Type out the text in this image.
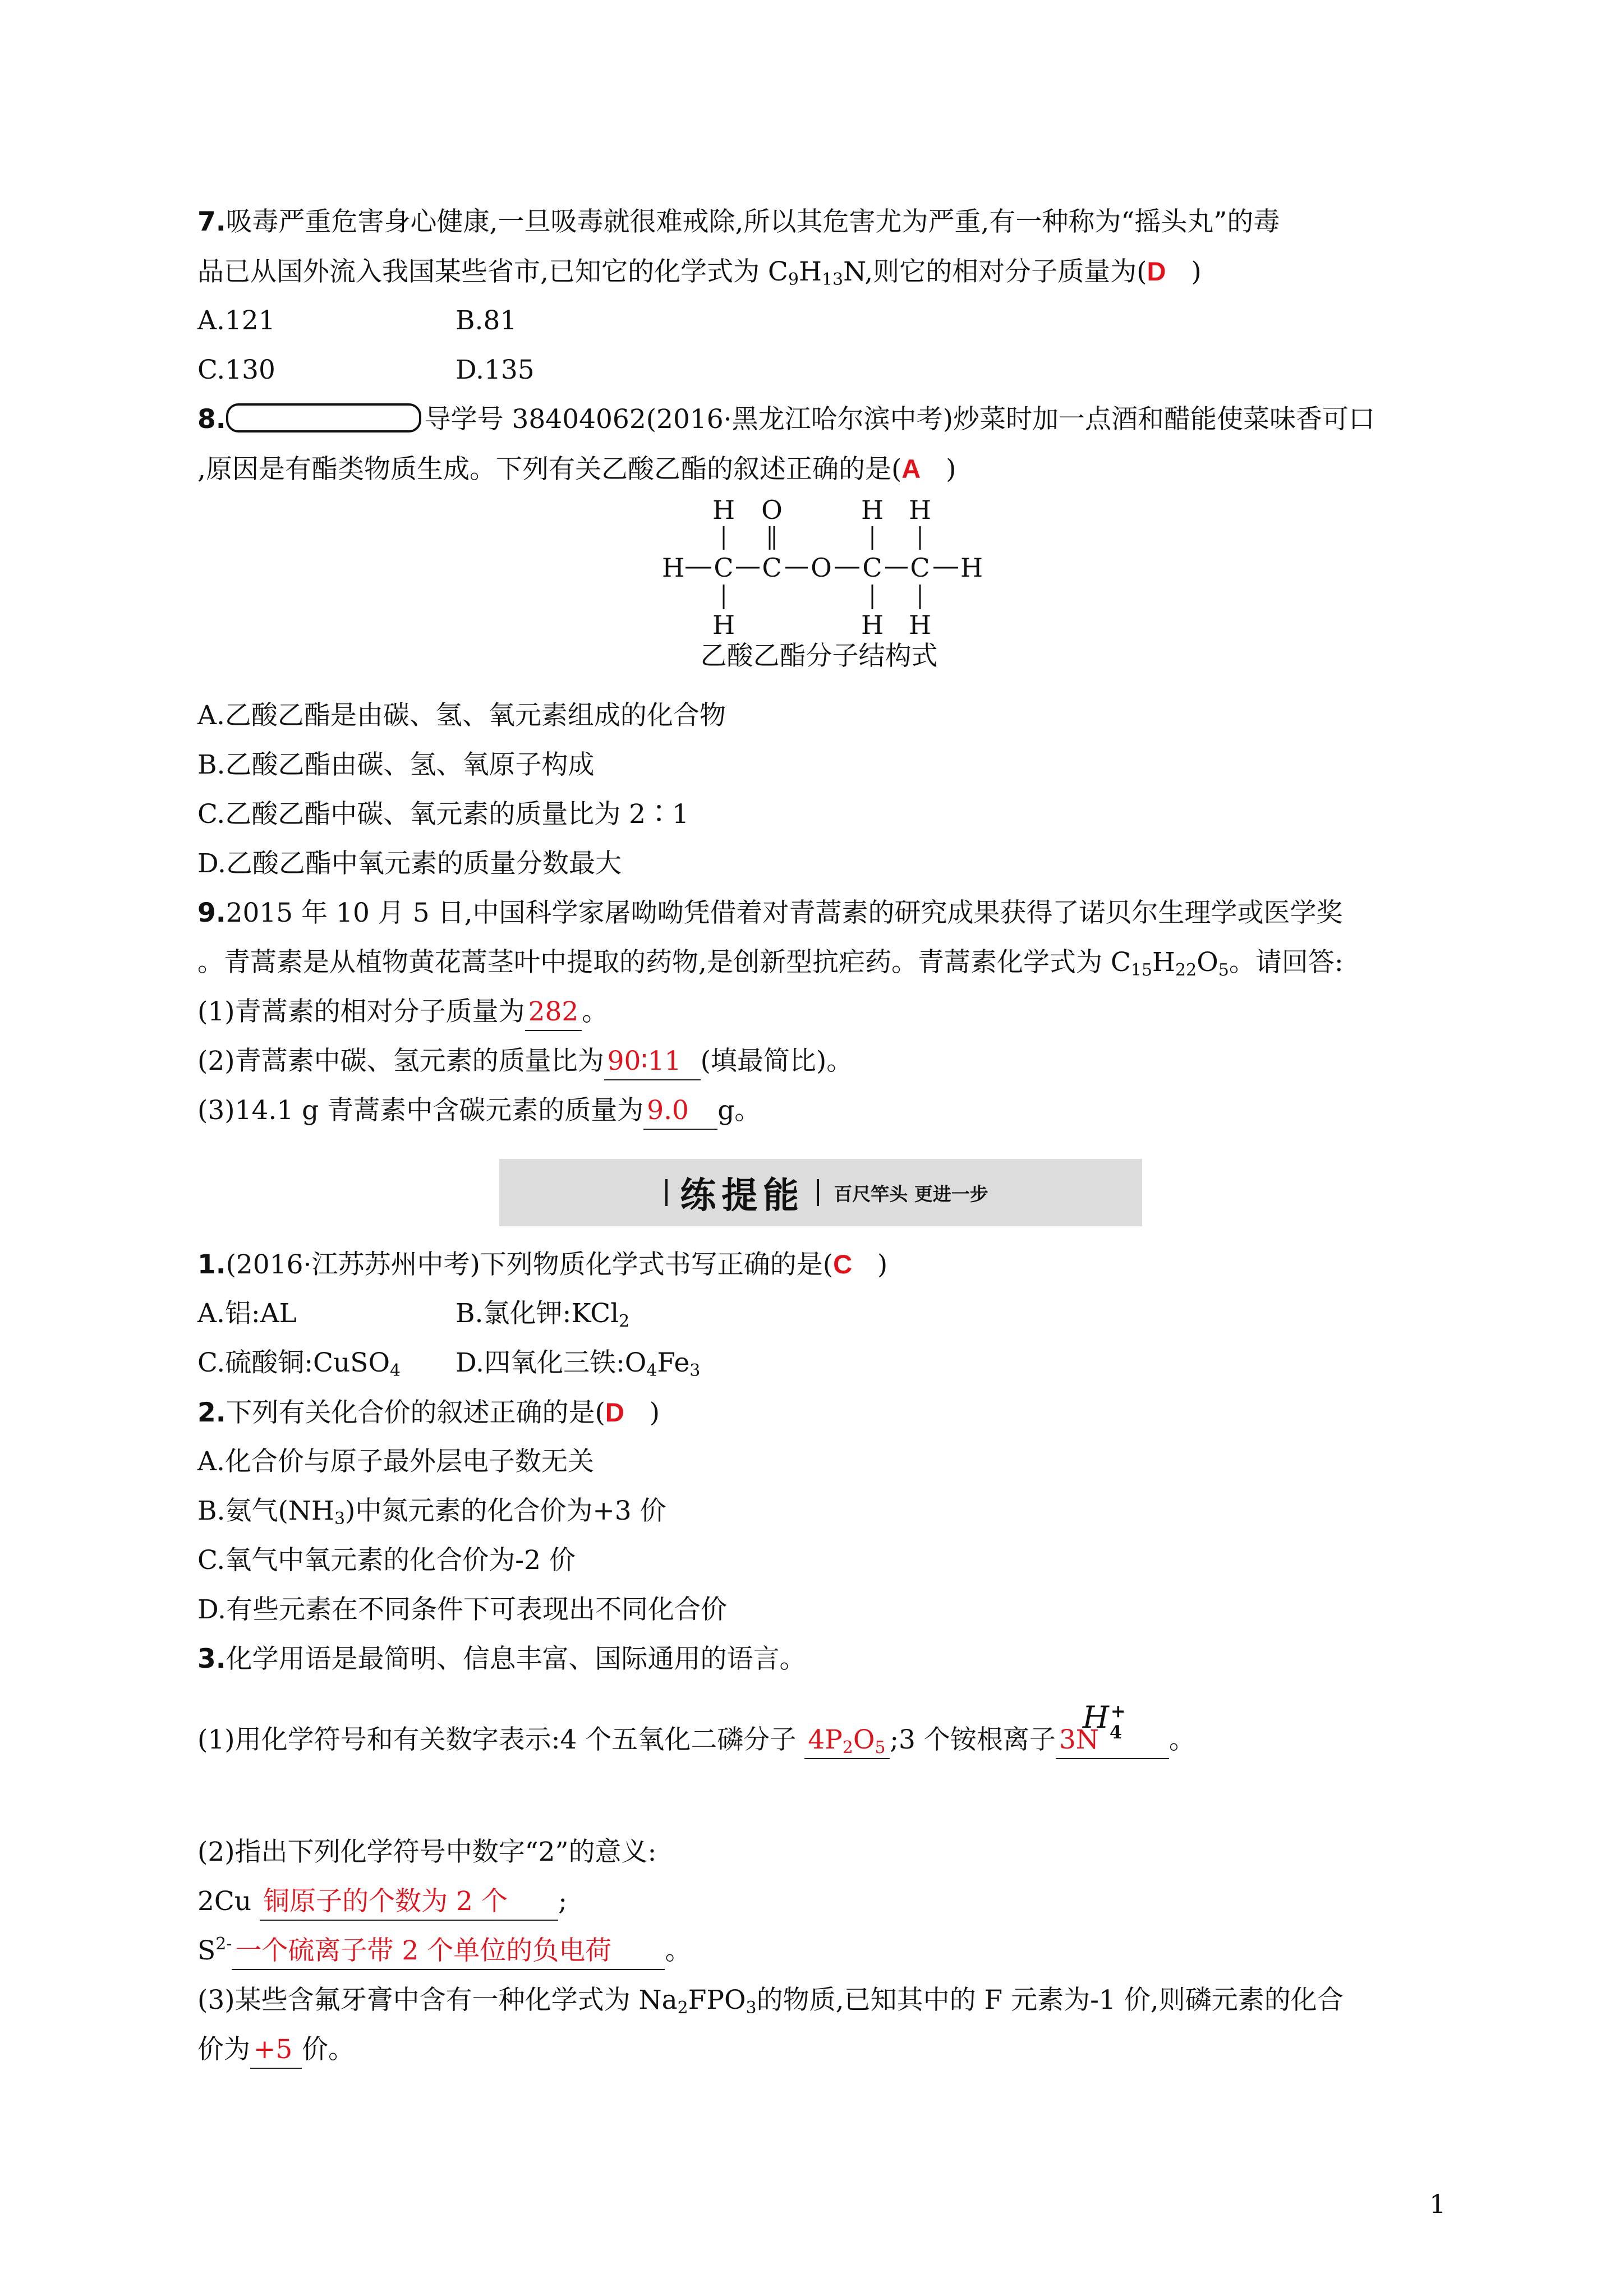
7.吸毒严重危害身心健康,一旦吸毒就很难戒除,所以其危害尤为严重,有一种称为“摇头丸”的毒
品已从国外流入我国某些省市,已知它的化学式为 $C_9H_{13}N$,则它的相对分子质量为(D )
A.121	B.81
C.130	D.135
8.	导学号 38404062(2016·黑龙江哈尔滨中考)炒菜时加一点酒和醋能使菜味香可口
,原因是有酯类物质生成。下列有关乙酸乙酯的叙述正确的是(A )
H O	H H
H C C O C C H
H	H H
乙酸乙酯分子结构式
A.乙酸乙酯是由碳、氢、氧元素组成的化合物
B.乙酸乙酯由碳、氢、氧原子构成
C.乙酸乙酯中碳、氧元素的质量比为 2∶1
D.乙酸乙酯中氧元素的质量分数最大
9.2015 年 10 月 5 日,中国科学家屠呦呦凭借着对青蒿素的研究成果获得了诺贝尔生理学或医学奖
。青蒿素是从植物黄花蒿茎叶中提取的药物,是创新型抗疟药。青蒿素化学式为 $C_{15}H_{22}O_5$。请回答:
(1)青蒿素的相对分子质量为 282 。
(2)青蒿素中碳、氢元素的质量比为 90∶11 (填最简比)。
(3)14.1 g 青蒿素中含碳元素的质量为 9.0 g。
练提能 百尺竿头 更进一步
1.(2016·江苏苏州中考)下列物质化学式书写正确的是(C )
A.铝:AL	B.氯化钾:KCl$_2$
C.硫酸铜:CuSO$_4$ D.四氧化三铁$:O_4Fe_3$
2.下列有关化合价的叙述正确的是(D )
A.化合价与原子最外层电子数无关
B.氨气$(NH_3)$中氮元素的化合价为+3 价
C.氧气中氧元素的化合价为-2 价
D.有些元素在不同条件下可表现出不同化合价
3.化学用语是最简明、信息丰富、国际通用的语言。
(1)用化学符号和有关数字表示:4 个五氧化二磷分子 $4P_2O_5$ ;3 个铵根离子 3N
H +
4 。
(2)指出下列化学符号中数字“2”的意义:
2Cu 铜原子的个数为 2 个 ;
$S^{2-}$ 一个硫离子带 2 个单位的负电荷 。
(3)某些含氟牙膏中含有一种化学式为 $Na_2FPO_3$的物质,已知其中的 F 元素为-1 价,则磷元素的化合
价为 +5 价。
1
